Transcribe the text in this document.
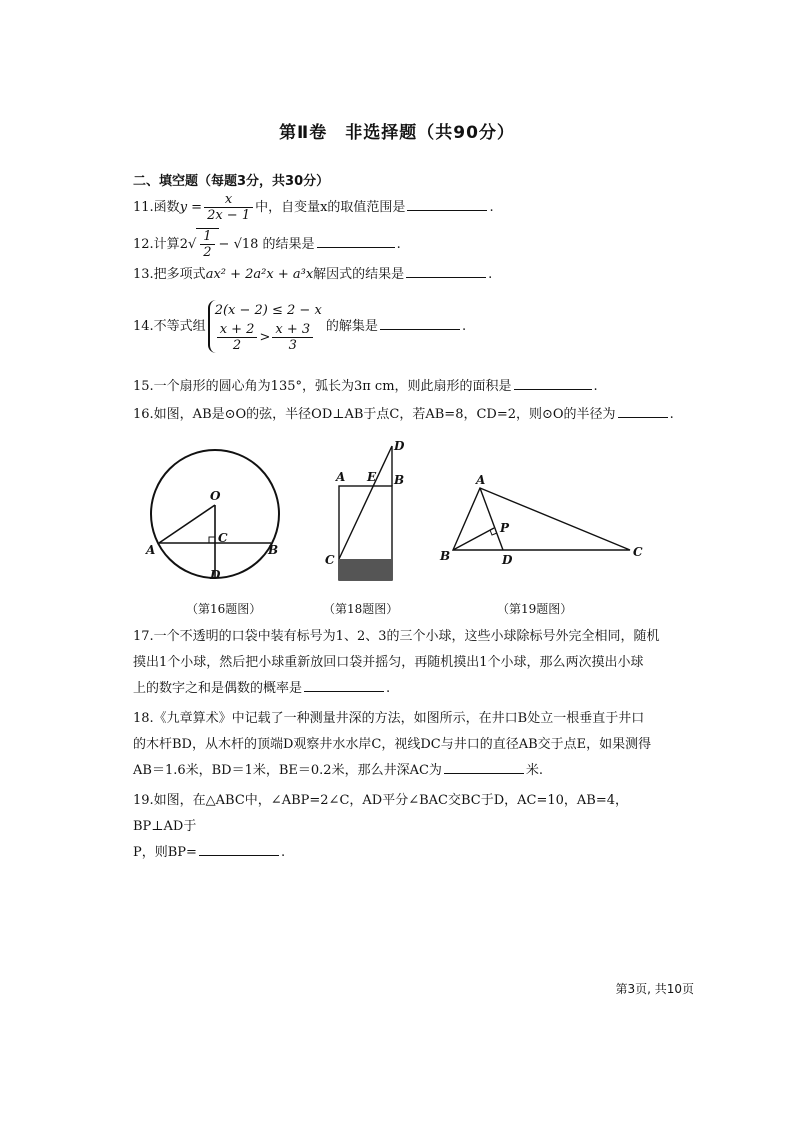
第Ⅱ卷　非选择题（共90分）
二、填空题（每题3分，共30分）
11.函数$y = \frac{x}{2x - 1}$ 中，自变量x的取值范围是	.
12.计算$2√ \frac{1}{2} - √18$ 的结果是	.
13.把多项式ax² + 2a²x + a³x解因式的结果是	.
14.不等式组
2(x − 2) ≤ 2 − x
$\frac{x + 2}{2} > \frac{x + 3}{3}$ 的解集是	.
15.一个扇形的圆心角为135°，弧长为3π cm，则此扇形的面积是	.
16.如图，AB是⊙O的弦，半径OD⊥AB于点C，若AB=8，CD=2，则⊙O的半径为	.
O
A	B
C
D
A E B
D
C
A
B	C
D
P
（第16题图）	（第18题图）	（第19题图）
17.一个不透明的口袋中装有标号为1、2、3的三个小球，这些小球除标号外完全相同，随机
摸出1个小球，然后把小球重新放回口袋并摇匀，再随机摸出1个小球，那么两次摸出小球
上的数字之和是偶数的概率是	.
18.《九章算术》中记载了一种测量井深的方法，如图所示，在井口B处立一根垂直于井口
的木杆BD，从木杆的顶端D观察井水水岸C，视线DC与井口的直径AB交于点E，如果测得
AB＝1.6米，BD＝1米，BE＝0.2米，那么井深AC为	米.
19.如图，在△ABC中，∠ABP=2∠C，AD平分∠BAC交BC于D，AC=10，AB=4，BP⊥AD于
P，则BP=	.
第3页, 共10页
